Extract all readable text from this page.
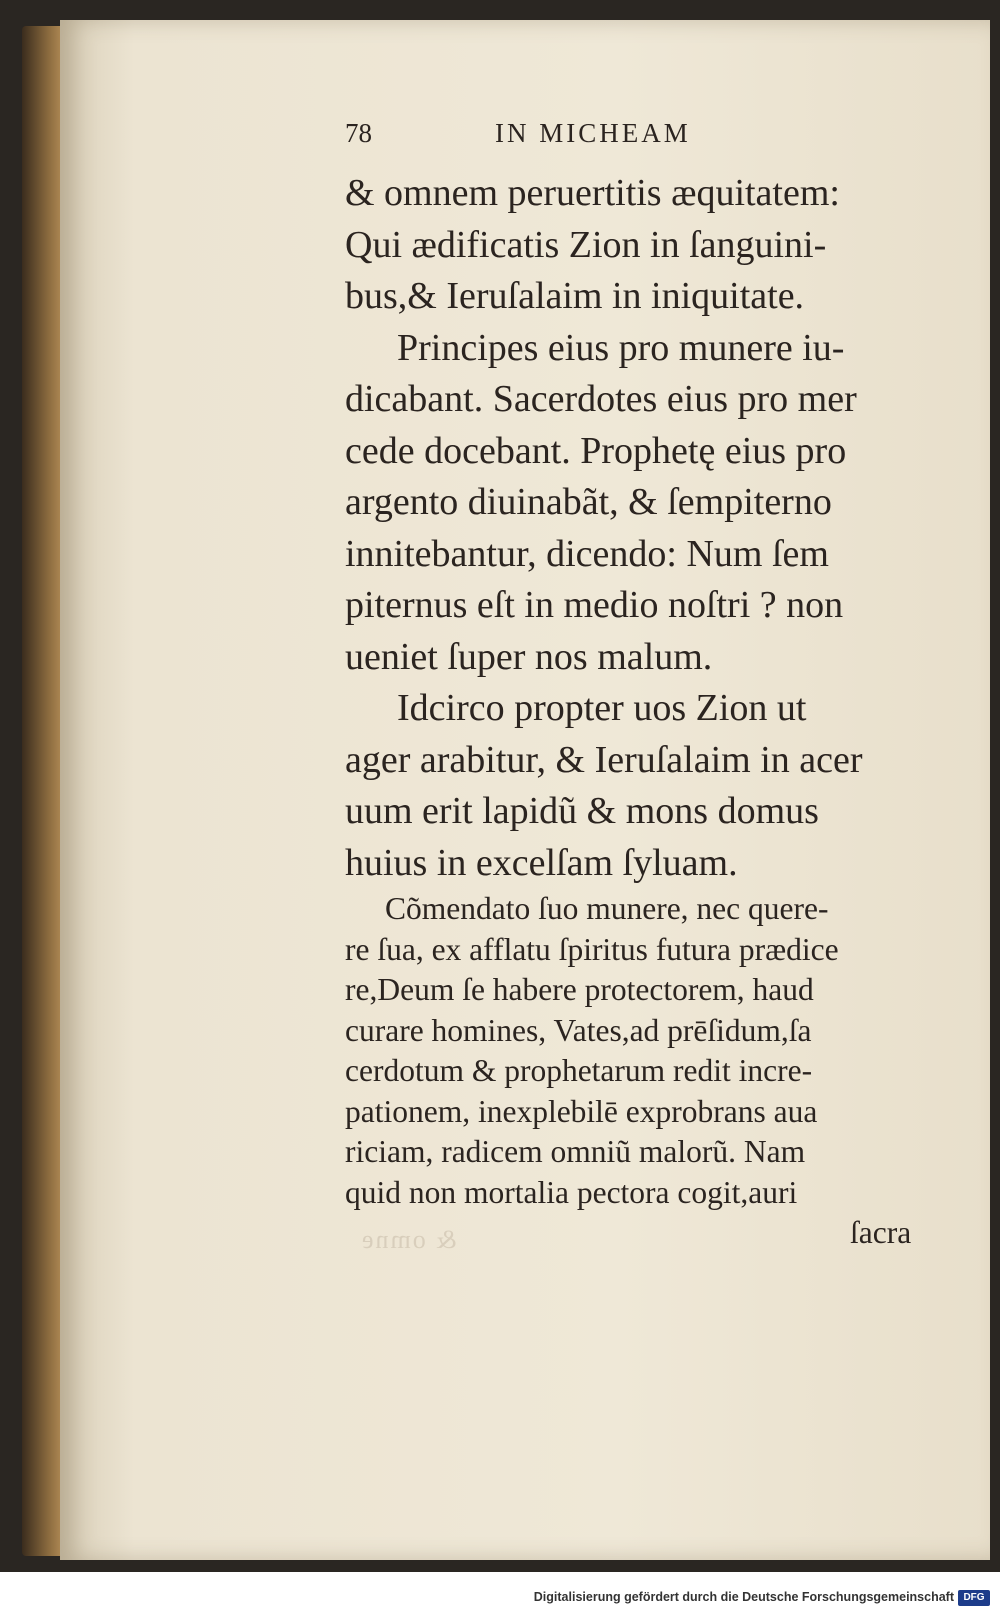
& omne
78	IN MICHEAM
& omnem peruertitis æquitatem:
Qui ædificatis Zion in ſanguini-
bus,& Ieruſalaim in iniquitate.
Principes eius pro munere iu-
dicabant. Sacerdotes eius pro mer
cede docebant. Prophetę eius pro
argento diuinabãt, & ſempiterno
innitebantur, dicendo: Num ſem
piternus eſt in medio noſtri ? non
ueniet ſuper nos malum.
Idcirco propter uos Zion ut
ager arabitur, & Ieruſalaim in acer
uum erit lapidũ & mons domus
huius in excelſam ſyluam.
Cõmendato ſuo munere, nec quere-
re ſua, ex afflatu ſpiritus futura prædice
re,Deum ſe habere protectorem, haud
curare homines, Vates,ad prēſidum,ſa
cerdotum & prophetarum redit incre-
pationem, inexplebilē exprobrans aua
riciam, radicem omniũ malorũ. Nam
quid non mortalia pectora cogit,auri
ſacra
Digitalisierung gefördert durch die Deutsche Forschungsgemeinschaft DFG
